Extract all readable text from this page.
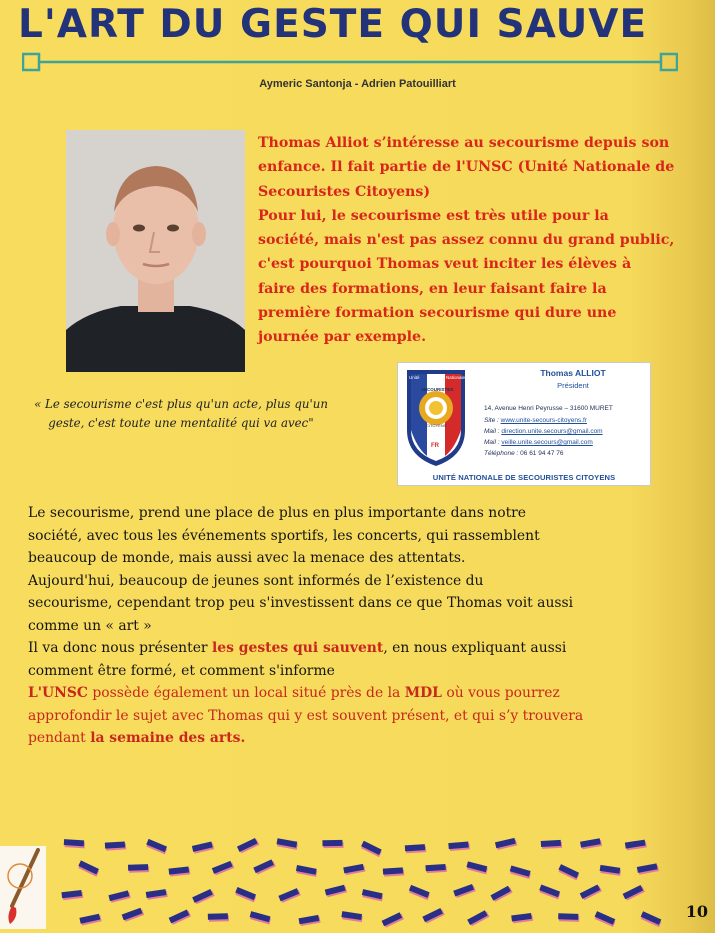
L'ART DU GESTE QUI SAUVE
Aymeric Santonja - Adrien Patouilliart
Thomas Alliot s’intéresse au secourisme depuis son
enfance. Il fait partie de l'UNSC (Unité Nationale de
Secouristes Citoyens)
Pour lui, le secourisme est très utile pour la
société, mais n'est pas assez connu du grand public,
c'est pourquoi Thomas veut inciter les élèves à
faire des formations, en leur faisant faire la
première formation secourisme qui dure une
journée par exemple.
« Le secourisme c'est plus qu'un acte, plus qu'un
geste, c'est toute une mentalité qui va avec"
Unité	Nationale
SECOURISTES
CITOYENS
FR
Thomas ALLIOT
Président
14, Avenue Henri Peyrusse – 31600 MURET
Site : www.unite-secours-citoyens.fr
Mail : direction.unite.secours@gmail.com
Mail : veille.unite.secours@gmail.com
Téléphone : 06 61 94 47 76
UNITÉ NATIONALE DE SECOURISTES CITOYENS
Le secourisme, prend une place de plus en plus importante dans notre
société, avec tous les événements sportifs, les concerts, qui rassemblent
beaucoup de monde, mais aussi avec la menace des attentats.
Aujourd'hui, beaucoup de jeunes sont informés de l’existence du
secourisme, cependant trop peu s'investissent dans ce que Thomas voit aussi
comme un « art »
Il va donc nous présenter les gestes qui sauvent, en nous expliquant aussi
comment être formé, et comment s'informe
L'UNSC possède également un local situé près de la MDL où vous pourrez
approfondir le sujet avec Thomas qui y est souvent présent, et qui s’y trouvera
pendant la semaine des arts.
10
